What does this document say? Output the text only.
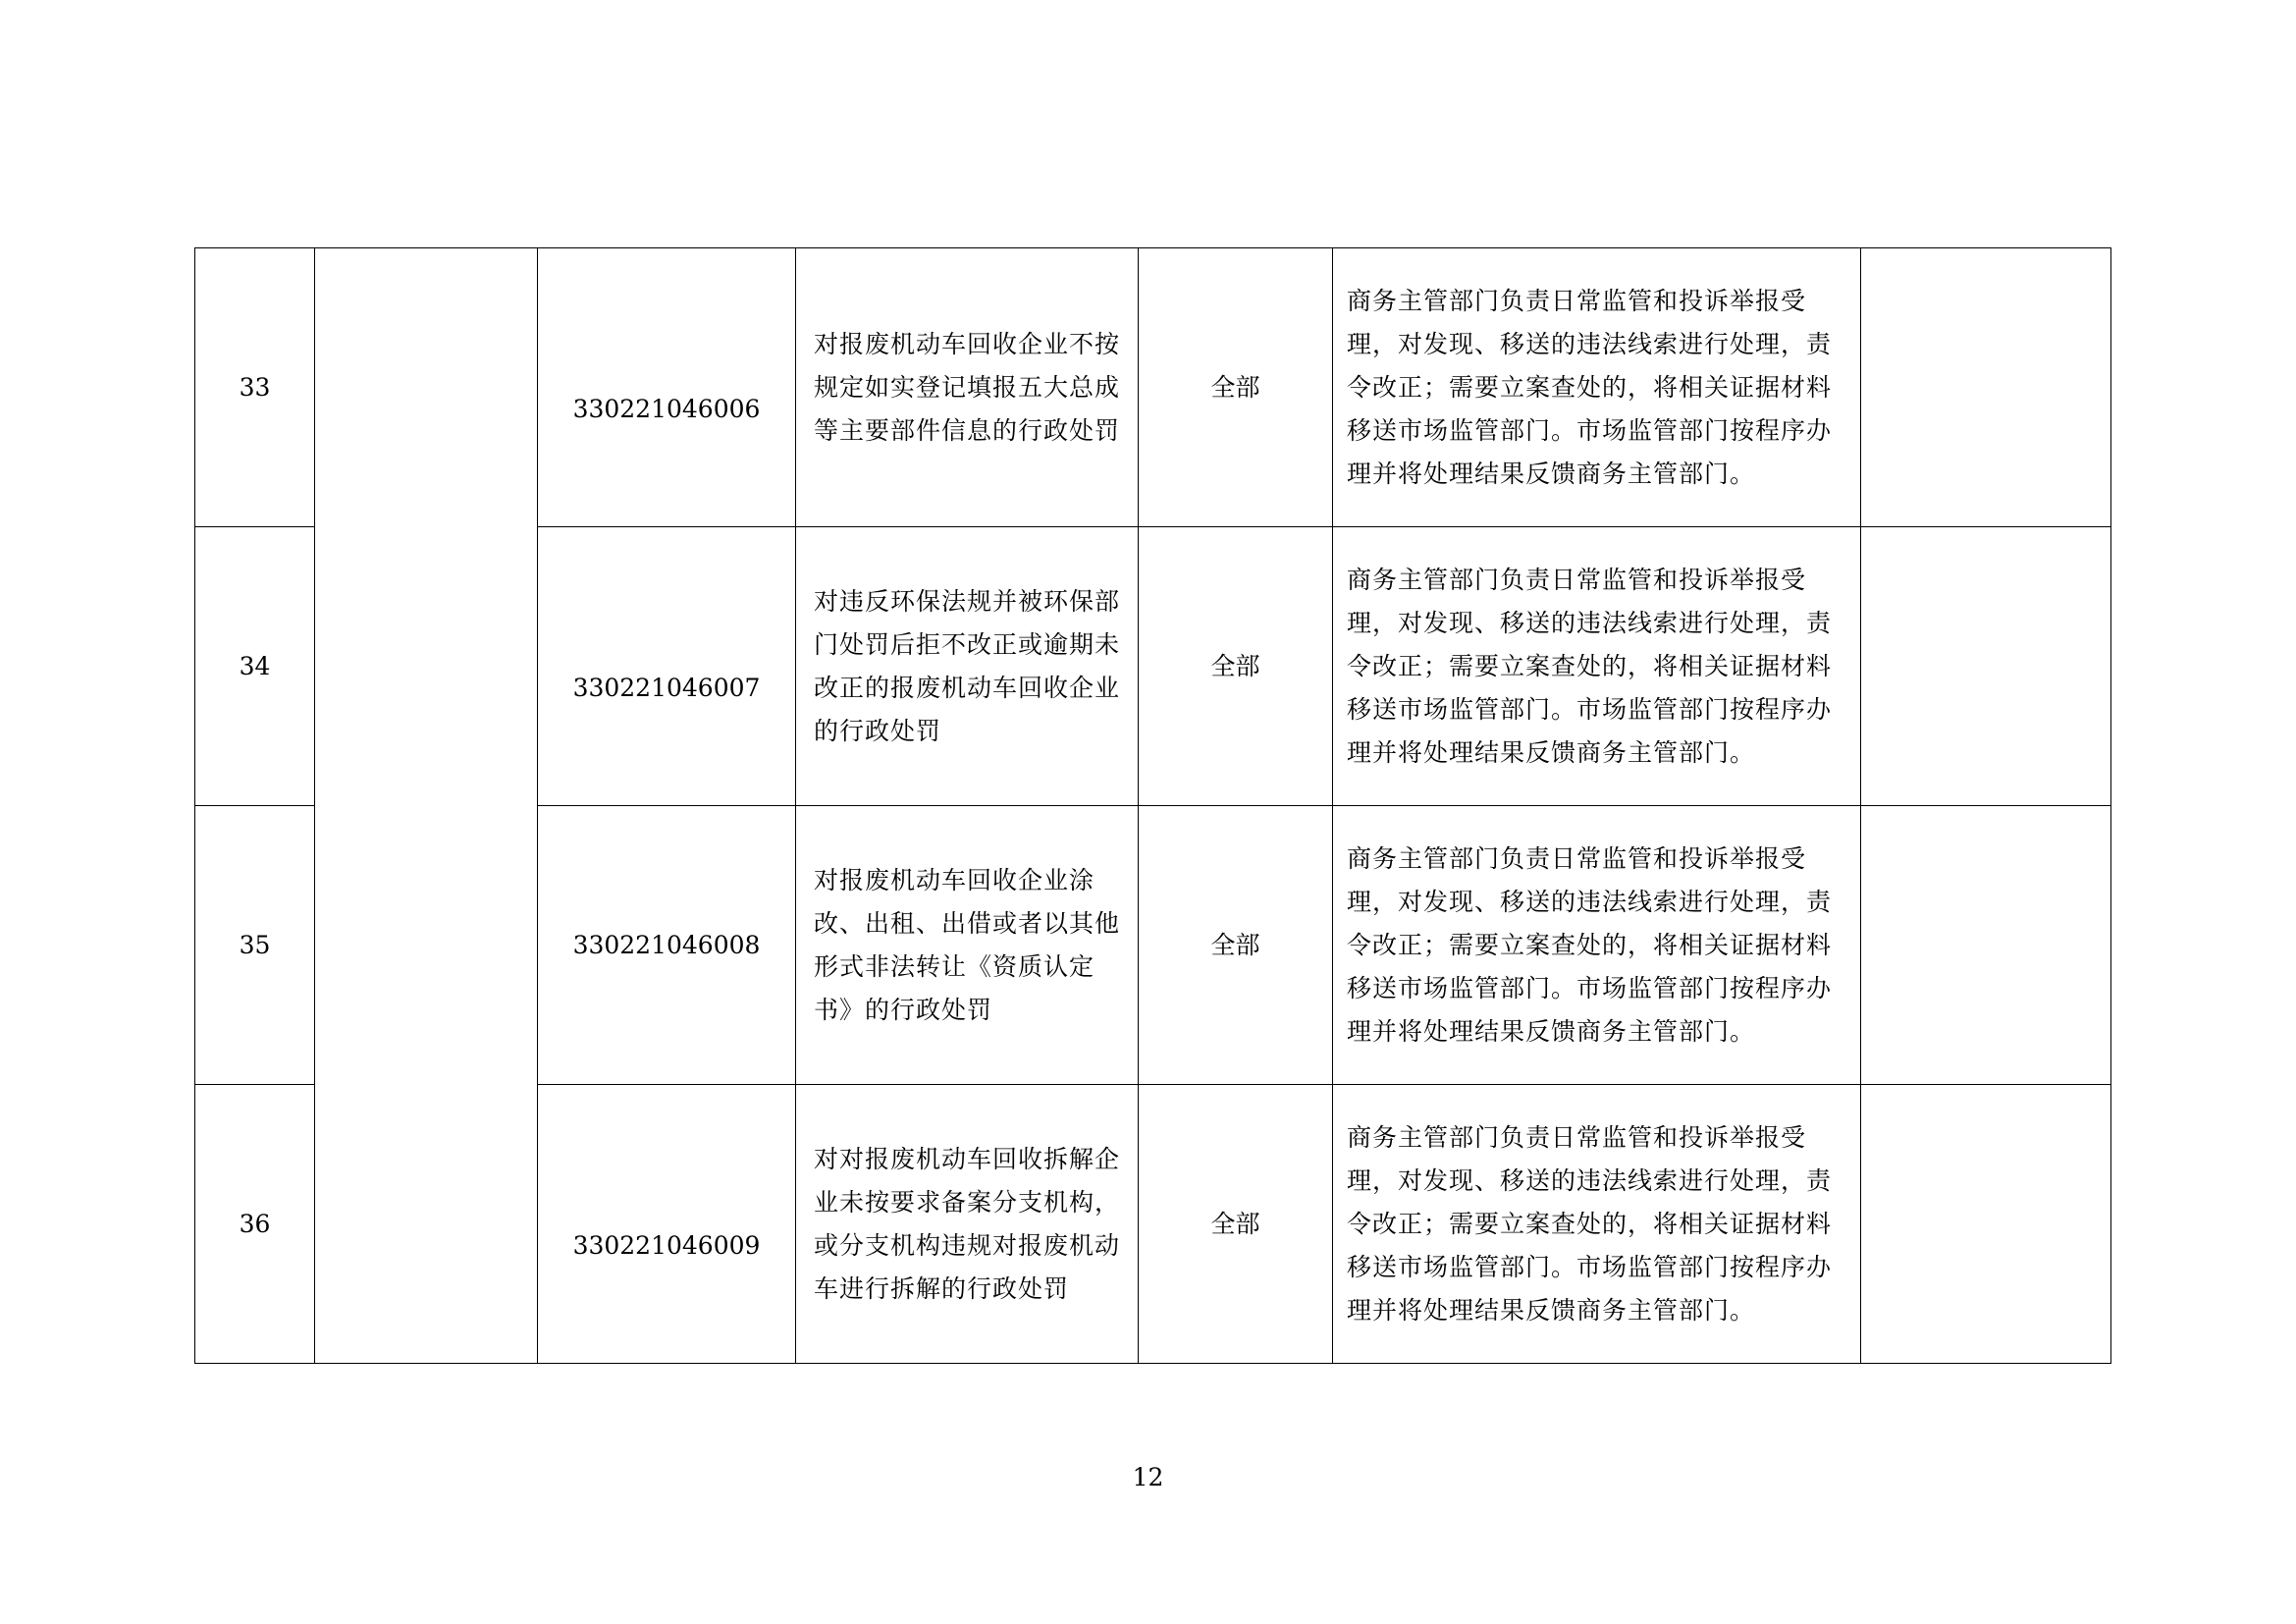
33		330221046006	对报废机动车回收企业不按规定如实登记填报五大总成等主要部件信息的行政处罚	全部	商务主管部门负责日常监管和投诉举报受理，对发现、移送的违法线索进行处理，责令改正；需要立案查处的，将相关证据材料移送市场监管部门。市场监管部门按程序办理并将处理结果反馈商务主管部门。	

34		330221046007	对违反环保法规并被环保部门处罚后拒不改正或逾期未改正的报废机动车回收企业的行政处罚	全部	商务主管部门负责日常监管和投诉举报受理，对发现、移送的违法线索进行处理，责令改正；需要立案查处的，将相关证据材料移送市场监管部门。市场监管部门按程序办理并将处理结果反馈商务主管部门。	

35		330221046008	对报废机动车回收企业涂改、出租、出借或者以其他形式非法转让《资质认定书》的行政处罚	全部	商务主管部门负责日常监管和投诉举报受理，对发现、移送的违法线索进行处理，责令改正；需要立案查处的，将相关证据材料移送市场监管部门。市场监管部门按程序办理并将处理结果反馈商务主管部门。	

36		330221046009	对对报废机动车回收拆解企业未按要求备案分支机构，或分支机构违规对报废机动车进行拆解的行政处罚	全部	商务主管部门负责日常监管和投诉举报受理，对发现、移送的违法线索进行处理，责令改正；需要立案查处的，将相关证据材料移送市场监管部门。市场监管部门按程序办理并将处理结果反馈商务主管部门。	

12
